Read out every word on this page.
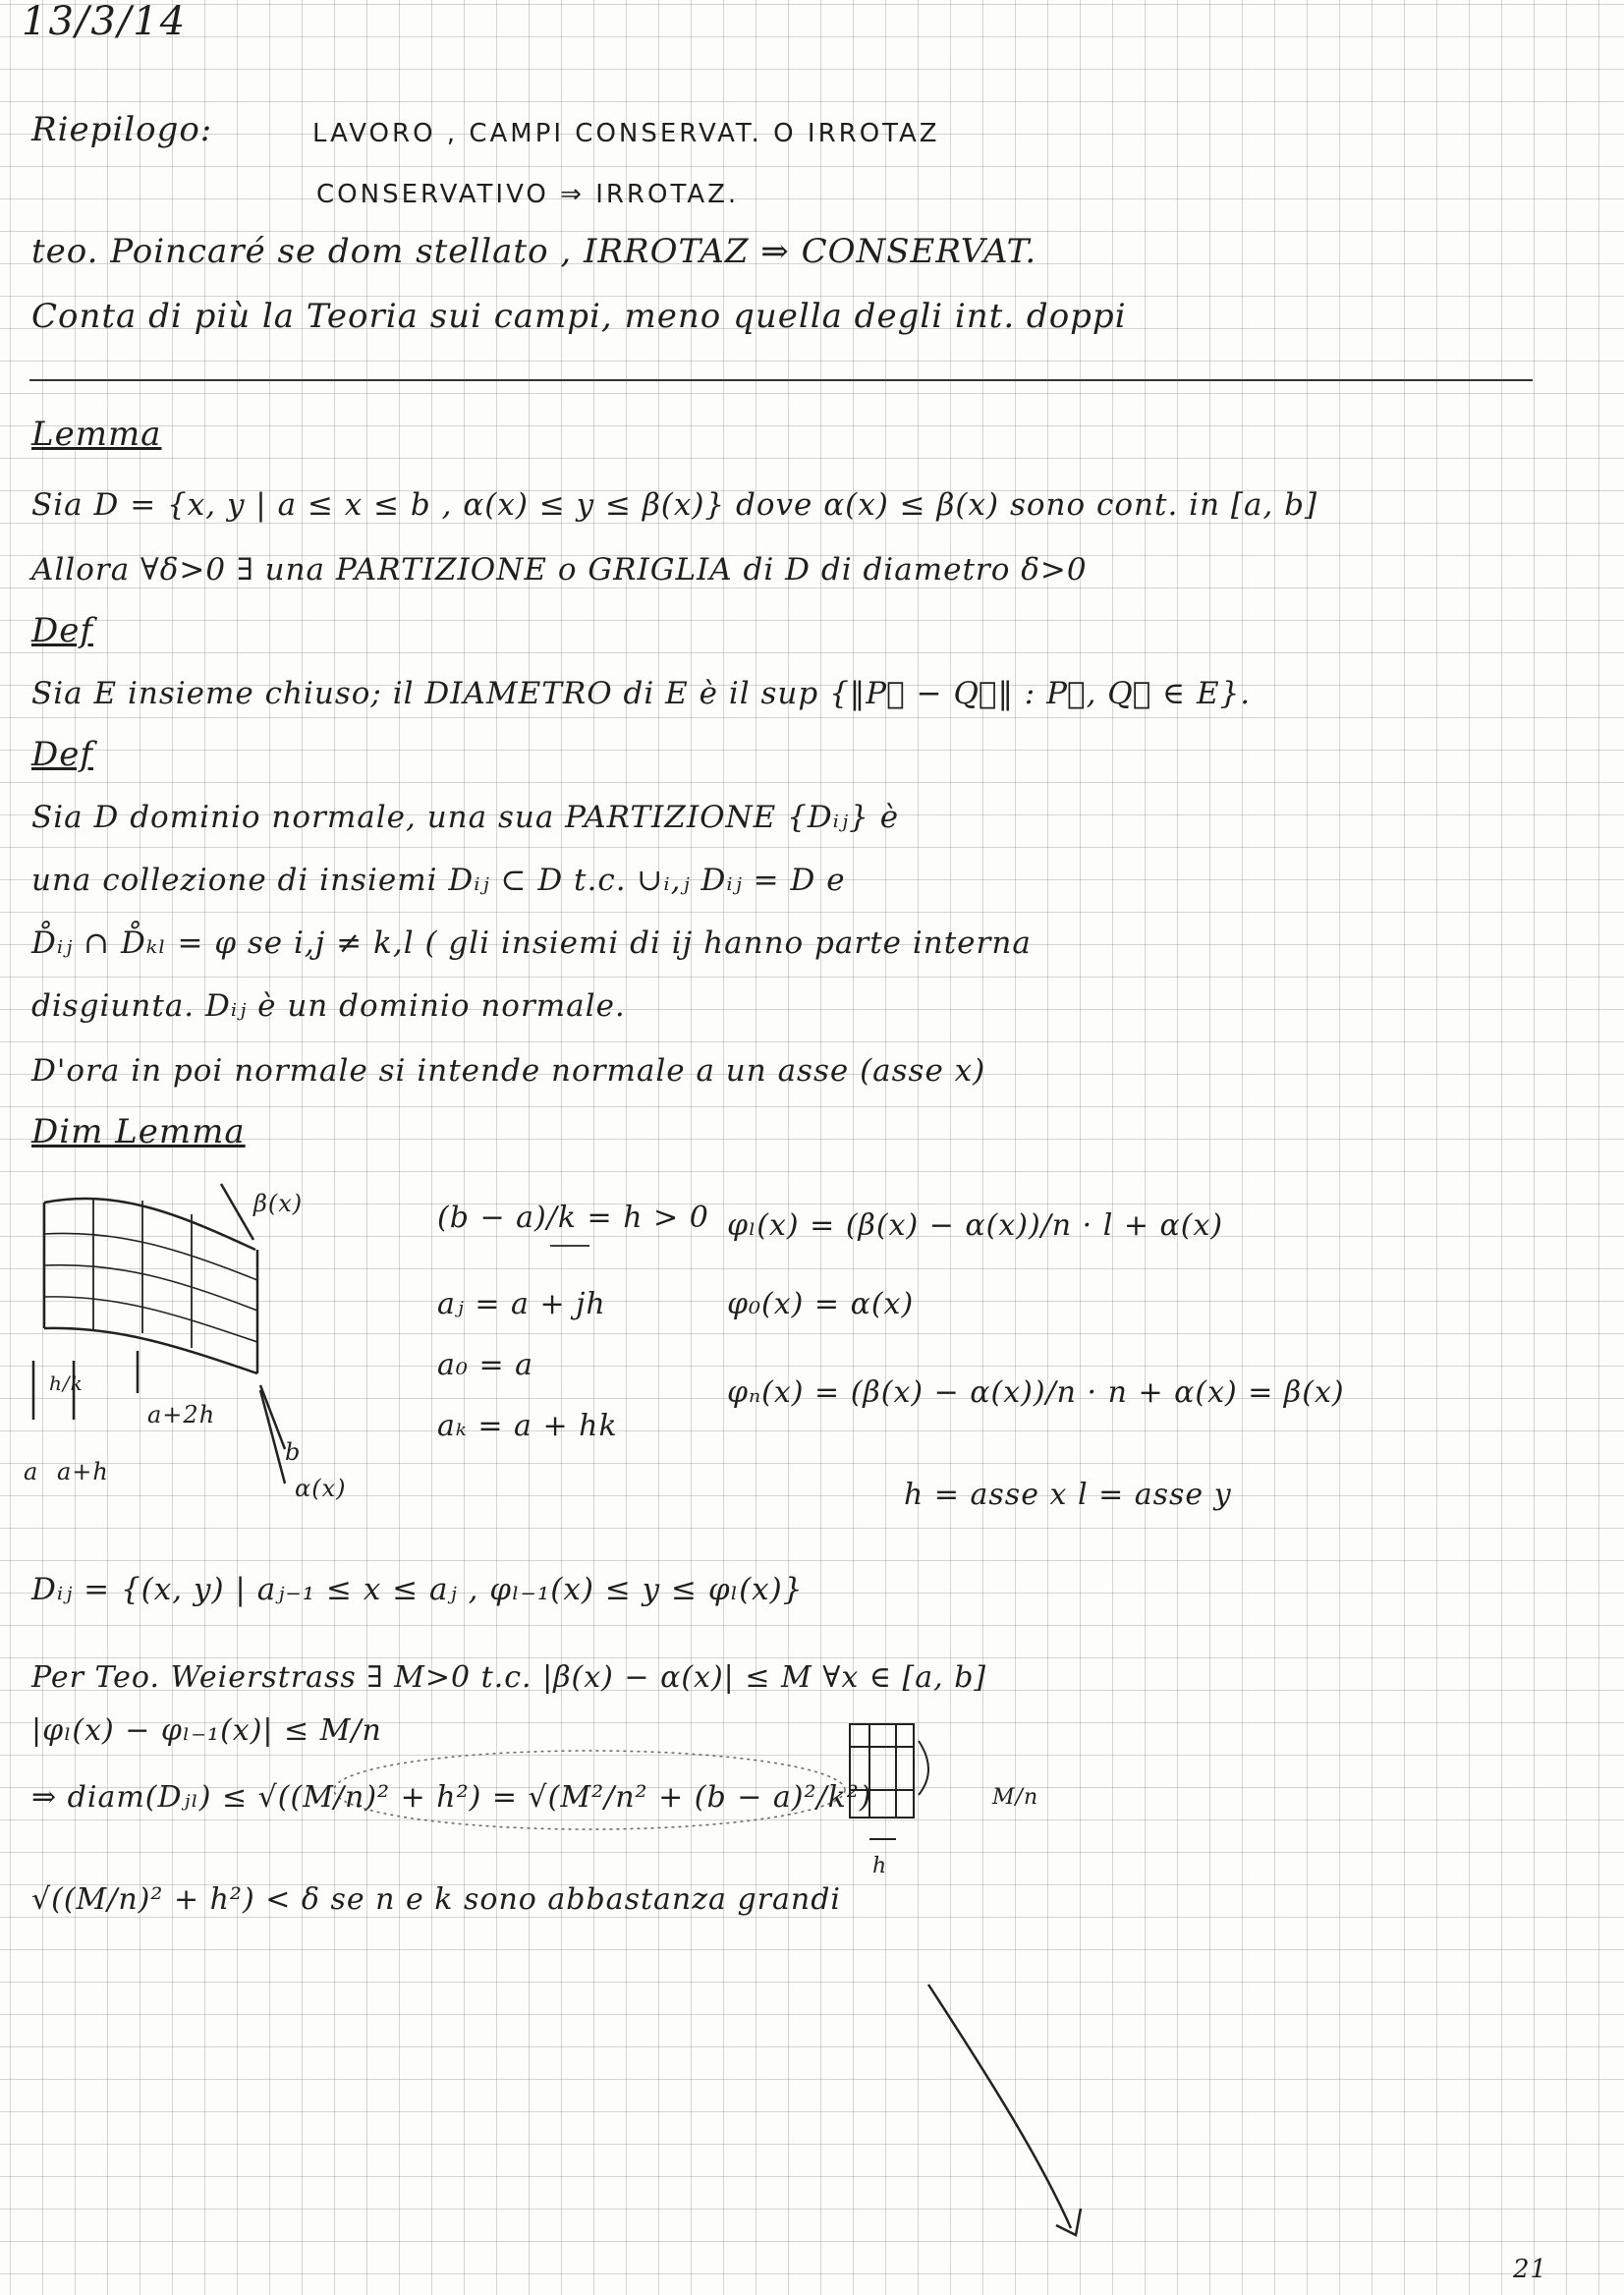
13/3/14
Riepilogo:	LAVORO , CAMPI CONSERVAT. O IRROTAZ
CONSERVATIVO ⇒ IRROTAZ.
teo. Poincaré se dom stellato , IRROTAZ ⇒ CONSERVAT.
Conta di più la Teoria sui campi, meno quella degli int. doppi
Lemma
Sia D = {x, y | a ≤ x ≤ b , α(x) ≤ y ≤ β(x)} dove α(x) ≤ β(x) sono cont. in [a, b]
Allora ∀δ>0 ∃ una PARTIZIONE o GRIGLIA di D di diametro δ>0
Def
Sia E insieme chiuso; il DIAMETRO di E è il sup {‖P⃗ − Q⃗‖ : P⃗, Q⃗ ∈ E}.
Def
Sia D dominio normale, una sua PARTIZIONE {Dᵢⱼ} è
una collezione di insiemi Dᵢⱼ ⊂ D t.c. ∪ᵢ,ⱼ Dᵢⱼ = D e
D̊ᵢⱼ ∩ D̊ₖₗ = φ se i,j ≠ k,l ( gli insiemi di ij hanno parte interna
disgiunta. Dᵢⱼ è un dominio normale.
D'ora in poi normale si intende normale a un asse (asse x)
Dim Lemma
β(x)
α(x)
h/k
a a+h
a+2h
b
(b − a)/k = h > 0
aⱼ = a + jh
a₀ = a
aₖ = a + hk
φₗ(x) = (β(x) − α(x))/n · l + α(x)
φ₀(x) = α(x)
φₙ(x) = (β(x) − α(x))/n · n + α(x) = β(x)
h = asse x l = asse y
Dᵢⱼ = {(x, y) | aⱼ₋₁ ≤ x ≤ aⱼ , φₗ₋₁(x) ≤ y ≤ φₗ(x)}
Per Teo. Weierstrass ∃ M>0 t.c. |β(x) − α(x)| ≤ M ∀x ∈ [a, b]
|φₗ(x) − φₗ₋₁(x)| ≤ M/n
⇒ diam(Dⱼₗ) ≤ √((M/n)² + h²) = √(M²/n² + (b − a)²/k²)	M/n
h
√((M/n)² + h²) < δ se n e k sono abbastanza grandi
21
